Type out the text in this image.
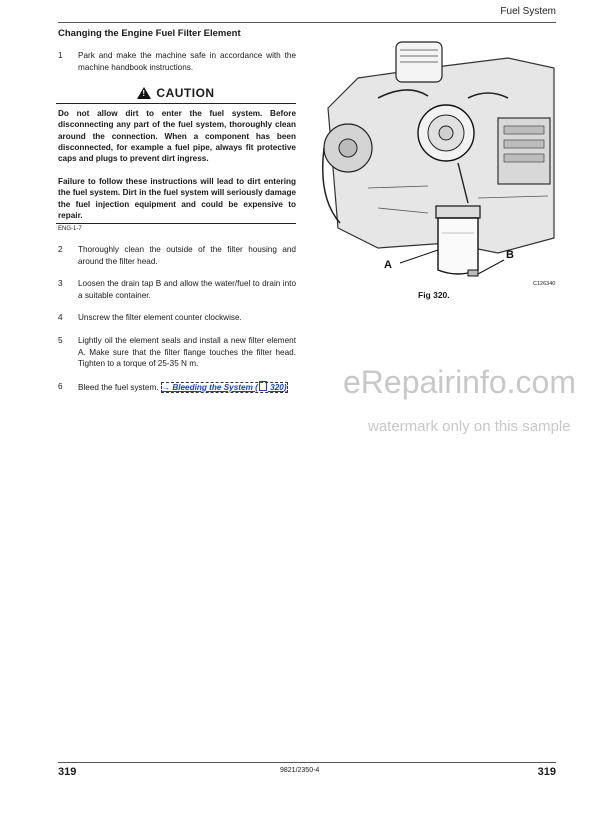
Fuel System
Changing the Engine Fuel Filter Element
1	Park and make the machine safe in accordance with the machine handbook instructions.
! CAUTION
Do not allow dirt to enter the fuel system. Before disconnecting any part of the fuel system, thoroughly clean around the connection. When a component has been disconnected, for example a fuel pipe, always fit protective caps and plugs to prevent dirt ingress.
Failure to follow these instructions will lead to dirt entering the fuel system. Dirt in the fuel system will seriously damage the fuel injection equipment and could be expensive to repair.
ENG-1-7
2	Thoroughly clean the outside of the filter housing and around the filter head.
3	Loosen the drain tap B and allow the water/fuel to drain into a suitable container.
4	Unscrew the filter element counter clockwise.
5	Lightly oil the element seals and install a new filter element A. Make sure that the filter flange touches the filter head. Tighten to a torque of 25-35 N m.
6	Bleed the fuel system. → Bleeding the System ( 320)
A
B
C126340
Fig 320.
eRepairinfo.com
watermark only on this sample
319	9821/2350-4	319
